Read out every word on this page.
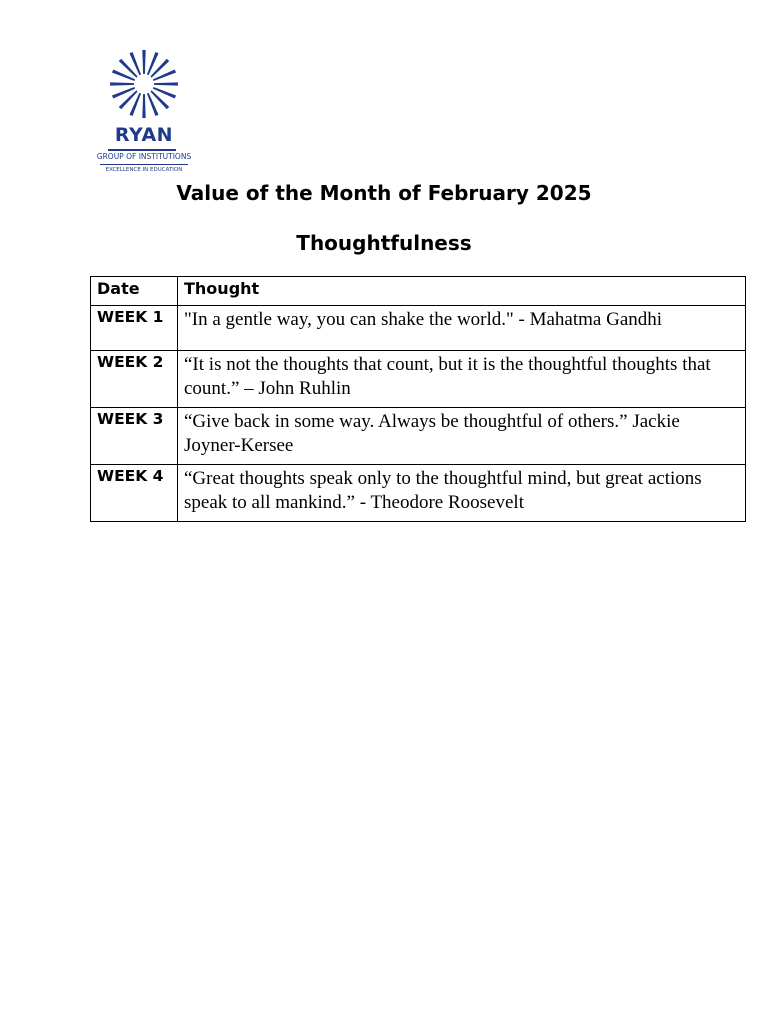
RYAN
GROUP OF INSTITUTIONS
EXCELLENCE IN EDUCATION
Value of the Month of February 2025
Thoughtfulness
Date	Thought
WEEK 1	"In a gentle way, you can shake the world." - Mahatma Gandhi
WEEK 2	“It is not the thoughts that count, but it is the thoughtful thoughts that count.” – John Ruhlin
WEEK 3	“Give back in some way. Always be thoughtful of others.” Jackie Joyner-Kersee
WEEK 4	“Great thoughts speak only to the thoughtful mind, but great actions speak to all mankind.” - Theodore Roosevelt
